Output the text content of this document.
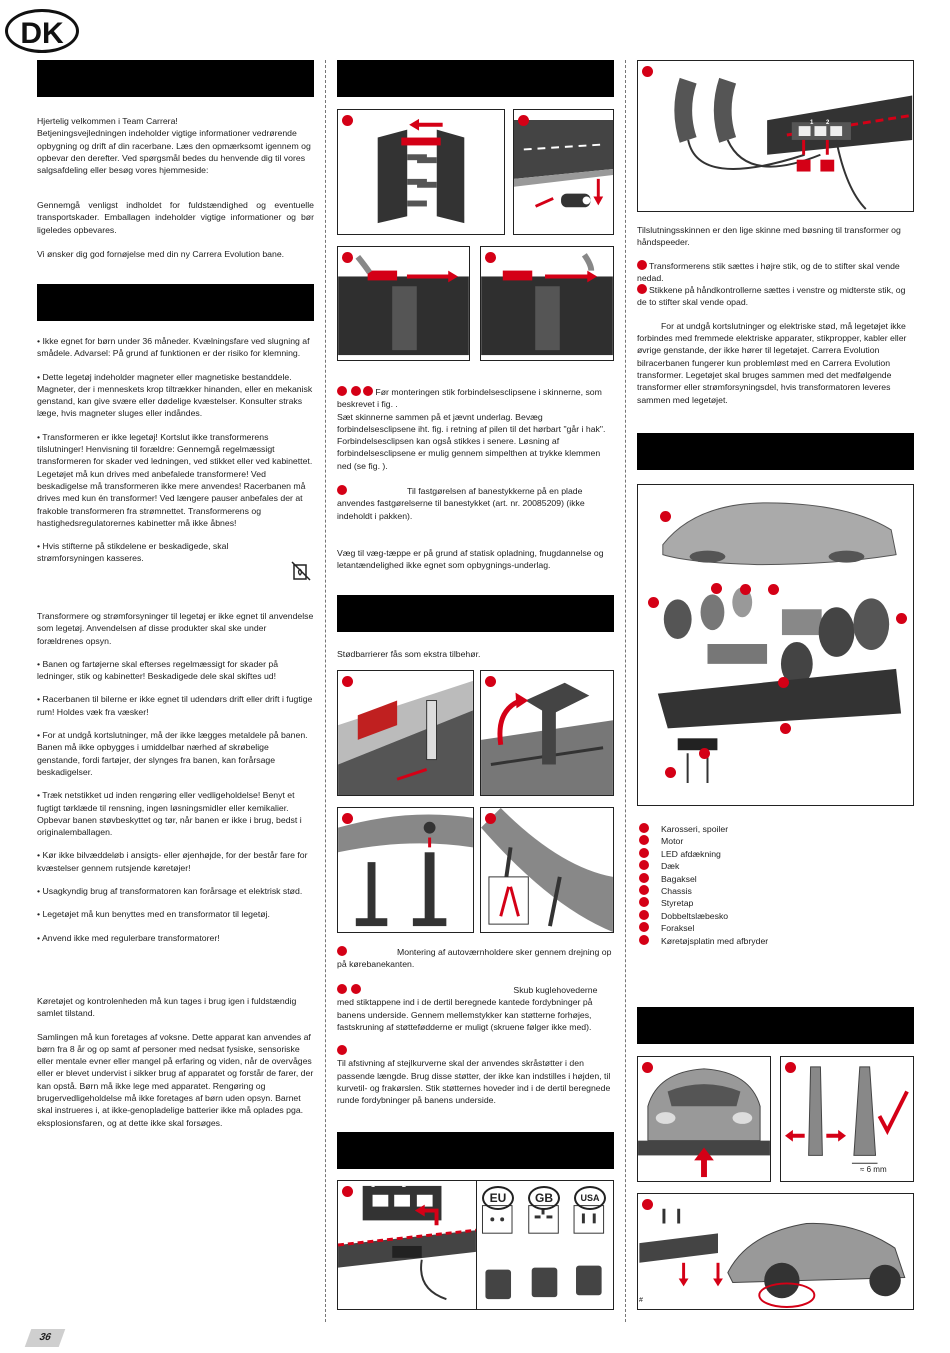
DK
Hjertelig velkommen i Team Carrera!
Betjeningsvejledningen indeholder vigtige informationer vedrørende opbygning og drift af din racerbane. Læs den opmærksomt igennem og opbevar den derefter. Ved spørgsmål bedes du henvende dig til vores salgsafdeling eller besøg vores hjemmeside:
Gennemgå venligst indholdet for fuldstændighed og eventuelle transportskader. Emballagen indeholder vigtige informationer og bør ligeledes opbevares.
Vi ønsker dig god fornøjelse med din ny Carrera Evolution bane.

• Ikke egnet for børn under 36 måneder. Kvælningsfare ved slugning af smådele. Advarsel: På grund af funktionen er der risiko for klemning.

• Dette legetøj indeholder magneter eller magnetiske bestanddele. Magneter, der i menneskets krop tiltrækker hinanden, eller en mekanisk genstand, kan give svære eller dødelige kvæstelser. Konsulter straks læge, hvis magneter sluges eller indåndes.

• Transformeren er ikke legetøj! Kortslut ikke transformerens tilslutninger! Henvisning til forældre: Gennemgå regelmæssigt transformeren for skader ved ledningen, ved stikket eller ved kabinettet. Legetøjet må kun drives med anbefalede transformere! Ved beskadigelse må transformeren ikke mere anvendes! Racerbanen må drives med kun én transformer! Ved længere pauser anbefales der at frakoble transformeren fra strømnettet. Transformerens og hastighedsregulatorernes kabinetter må ikke åbnes!

• Hvis stifterne på stikdelene er beskadigede, skal strømforsyningen kasseres.

Transformere og strømforsyninger til legetøj er ikke egnet til anvendelse som legetøj. Anvendelsen af disse produkter skal ske under forældrenes opsyn.

• Banen og fartøjerne skal efterses regelmæssigt for skader på ledninger, stik og kabinetter! Beskadigede dele skal skiftes ud!

• Racerbanen til bilerne er ikke egnet til udendørs drift eller drift i fugtige rum! Holdes væk fra væsker!

• For at undgå kortslutninger, må der ikke lægges metaldele på banen. Banen må ikke opbygges i umiddelbar nærhed af skrøbelige genstande, fordi fartøjer, der slynges fra banen, kan forårsage beskadigelser.

• Træk netstikket ud inden rengøring eller vedligeholdelse! Benyt et fugtigt tørklæde til rensning, ingen løsningsmidler eller kemikalier. Opbevar banen støvbeskyttet og tør, når banen er ikke i brug, bedst i originalemballagen.

• Kør ikke bilvæddeløb i ansigts- eller øjenhøjde, for der består fare for kvæstelser gennem rutsjende køretøjer!

• Usagkyndig brug af transformatoren kan forårsage et elektrisk stød.

• Legetøjet må kun benyttes med en transformator til legetøj.

• Anvend ikke med regulerbare transformatorer!

Køretøjet og kontrolenheden må kun tages i brug igen i fuldstændig samlet tilstand.

Samlingen må kun foretages af voksne. Dette apparat kan anvendes af børn fra 8 år og op samt af personer med nedsat fysiske, sensoriske eller mentale evner eller mangel på erfaring og viden, når de overvåges eller er blevet undervist i sikker brug af apparatet og forstår de farer, der kan opstå. Børn må ikke lege med apparatet. Rengøring og brugervedligeholdelse må ikke foretages af børn uden opsyn. Barnet skal instrueres i, at ikke-genopladelige batterier ikke må oplades pga. eksplosionsfaren, og at dette ikke skal forsøges.

Før monteringen stik forbindelsesclipsene i skinnerne, som beskrevet i fig. .
Sæt skinnerne sammen på et jævnt underlag. Bevæg forbindelsesclipsene iht. fig. i retning af pilen til det hørbart "går i hak". Forbindelsesclipsen kan også stikkes i senere. Løsning af forbindelsesclipsene er mulig gennem simpelthen at trykke klemmen ned (se fig. ).
Til fastgørelsen af banestykkerne på en plade anvendes fastgørelserne til banestykket (art. nr. 20085209) (ikke indeholdt i pakken).
Væg til væg-tæppe er på grund af statisk opladning, fnugdannelse og letantændelighed ikke egnet som opbygnings-underlag.
Stødbarrierer fås som ekstra tilbehør.
Montering af autoværnholdere sker gennem drejning op på kørebanekanten.
Skub kuglehovederne med stiktappene ind i de dertil beregnede kantede fordybninger på banens underside. Gennem mellemstykker kan støtterne forhøjes, fastskruning af støttefødderne er muligt (skruene følger ikke med).
Til afstivning af stejlkurverne skal der anvendes skråstøtter i den passende længde. Brug disse støtter, der ikke kan indstilles i højden, til kurvetil- og frakørslen. Stik støtternes hoveder ind i de dertil beregnede runde fordybninger på banens underside.
1	2
EU	GB	USA
1 2

Tilslutningsskinnen er den lige skinne med bøsning til transformer og håndspeeder.

Transformerens stik sættes i højre stik, og de to stifter skal vende nedad.

Stikkene på håndkontrollerne sættes i venstre og midterste stik, og de to stifter skal vende opad.

For at undgå kortslutninger og elektriske stød, må legetøjet ikke forbindes med fremmede elektriske apparater, stikpropper, kabler eller øvrige genstande, der ikke hører til legetøjet. Carrera Evolution bilracerbanen fungerer kun problemløst med en Carrera Evolution transformer. Legetøjet skal bruges sammen med det medfølgende transformer eller strømforsyningsdel, hvis transformatoren leveres sammen med legetøjet.

Karosseri, spoiler
Motor
LED afdækning
Dæk
Bagaksel
Chassis
Styretap
Dobbeltslæbesko
Foraksel
Køretøjsplatin med afbryder
≈ 6 mm
#
36
